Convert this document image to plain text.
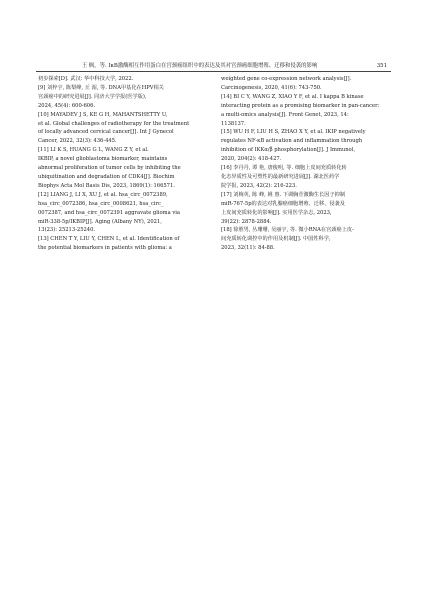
王 枫，等. IκB激酶相互作用蛋白在宫颈癌组织中的表达及其对宫颈癌细胞增殖、迁移和侵袭的影响	351
初步探索[D]. 武汉: 华中科技大学, 2022.
[9] 刘梓宇, 陈梨峰, 丘 湄, 等. DNA甲基化在HPV相关
宫颈癌中的研究进展[J]. 同济大学学报(医学版),
2024, 45(4): 600-606.
[10] MAYADEV J S, KE G H, MAHANTSHETTY U,
et al. Global challenges of radiotherapy for the treatment
of locally advanced cervical cancer[J]. Int J Gynecol
Cancer, 2022, 32(3): 436-445.
[11] LI K S, HUANG G L, WANG Z Y, et al.
IKBIP, a novel glioblastoma biomarker, maintains
abnormal proliferation of tumor cells by inhibiting the
ubiquitination and degradation of CDK4[J]. Biochim
Biophys Acta Mol Basis Dis, 2023, 1869(1): 166571.
[12] LIANG J, LI X, XU J, et al. hsa_circ_0072389,
hsa_circ_0072386, hsa_circ_0008621, hsa_circ_
0072387, and hsa_circ_0072391 aggravate glioma via
miR-338-5p/IKBIP[J]. Aging (Albany NY), 2021,
13(23): 25213-25240.
[13] CHEN T Y, LIU Y, CHEN L, et al. Identification of
the potential biomarkers in patients with glioma: a
weighted gene co-expression network analysis[J].
Carcinogenesis, 2020, 41(6): 743-750.
[14] BI C Y, WANG Z, XIAO Y F, et al. I kappa B kinase
interacting protein as a promising biomarker in pan-cancer:
a multi-omics analysis[J]. Front Genet, 2023, 14:
1138137.
[15] WU H F, LIU H S, ZHAO X Y, et al. IKIP negatively
regulates NF-κB activation and inflammation through
inhibition of IKKα/β phosphorylation[J]. J Immunol,
2020, 204(2): 418-427.
[16] 李丹丹, 谭 艳, 唐俊明, 等. 细胞上皮间充质转化转
化态异质性及可塑性的最新研究进展[J]. 湖北医药学
院学报, 2023, 42(2): 216-223.
[17] 刘梅英, 陈 峰, 姚 惠. 下调胸苷激酶生长因子抑制
miR-767-5p的表达对乳腺癌细胞增殖、迁移、侵袭及
上皮间充质转化的影响[J]. 实用医学杂志, 2023,
39(22): 2878-2884.
[18] 徐胜男, 丛珊珊, 吴丽宇, 等. 微小RNA在宫颈癌上皮-
间充质转化调控中的作用及机制[J]. 中国性科学,
2023, 32(11): 84-88.
